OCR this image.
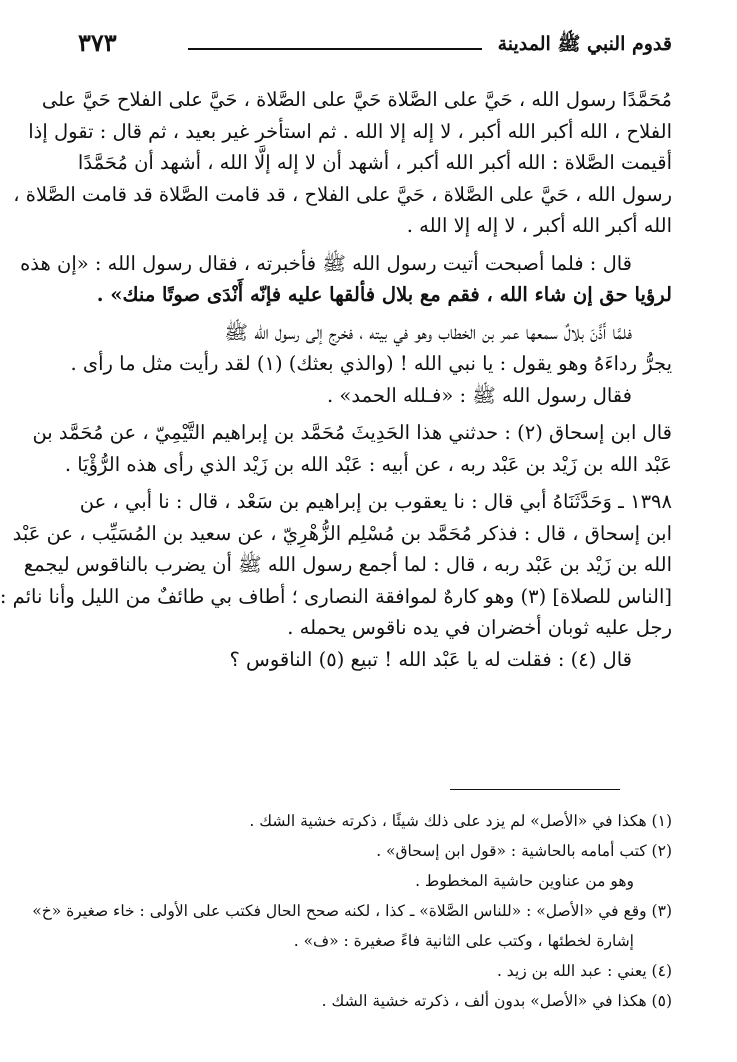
قدوم النبي ﷺ المدينة
٣٧٣
مُحَمَّدًا رسول الله ، حَيَّ على الصَّلاة حَيَّ على الصَّلاة ، حَيَّ على الفلاح حَيَّ على
الفلاح ، الله أكبر الله أكبر ، لا إله إلا الله . ثم استأخر غير بعيد ، ثم قال : تقول إذا
أقيمت الصَّلاة : الله أكبر الله أكبر ، أشهد أن لا إله إلَّا الله ، أشهد أن مُحَمَّدًا
رسول الله ، حَيَّ على الصَّلاة ، حَيَّ على الفلاح ، قد قامت الصَّلاة قد قامت الصَّلاة ،
الله أكبر الله أكبر ، لا إله إلا الله .
قال : فلما أصبحت أتيت رسول الله ﷺ فأخبرته ، فقال رسول الله : «إن هذه
لرؤيا حق إن شاء الله ، فقم مع بلال فألقها عليه فإنّه أَنْدَى صوتًا منك» .
فلمَّا أَذَّنَ بلالٌ سمعها عمر بن الخطاب وهو في بيته ، فخرج إلى رسول الله ﷺ
يجرُّ رداءَهُ وهو يقول : يا نبي الله ! (والذي بعثك) (١) لقد رأيت مثل ما رأى .
فقال رسول الله ﷺ : «فـلله الحمد» .
قال ابن إسحاق (٢) : حدثني هذا الحَدِيثَ مُحَمَّد بن إبراهيم التَّيْمِيّ ، عن مُحَمَّد بن
عَبْد الله بن زَيْد بن عَبْد ربه ، عن أبيه : عَبْد الله بن زَيْد الذي رأى هذه الرُّؤْيَا .
١٣٩٨ ـ وَحَدَّثَنَاهُ أبي قال : نا يعقوب بن إبراهيم بن سَعْد ، قال : نا أبي ، عن
ابن إسحاق ، قال : فذكر مُحَمَّد بن مُسْلِم الزُّهْرِيّ ، عن سعيد بن المُسَيِّب ، عن عَبْد
الله بن زَيْد بن عَبْد ربه ، قال : لما أجمع رسول الله ﷺ أن يضرب بالناقوس ليجمع
[الناس للصلاة] (٣) وهو كارهٌ لموافقة النصارى ؛ أطاف بي طائفٌ من الليل وأنا نائم :
رجل عليه ثوبان أخضران في يده ناقوس يحمله .
قال (٤) : فقلت له يا عَبْد الله ! تبيع (٥) الناقوس ؟
(١) هكذا في «الأصل» لم يزد على ذلك شيئًا ، ذكرته خشية الشك .
(٢) كتب أمامه بالحاشية : «قول ابن إسحاق» .
وهو من عناوين حاشية المخطوط .
(٣) وقع في «الأصل» : «للناس الصَّلاة» ـ كذا ، لكنه صحح الحال فكتب على الأولى : خاء صغيرة «خ»
إشارة لخطئها ، وكتب على الثانية فاءً صغيرة : «ف» .
(٤) يعني : عبد الله بن زيد .
(٥) هكذا في «الأصل» بدون ألف ، ذكرته خشية الشك .
